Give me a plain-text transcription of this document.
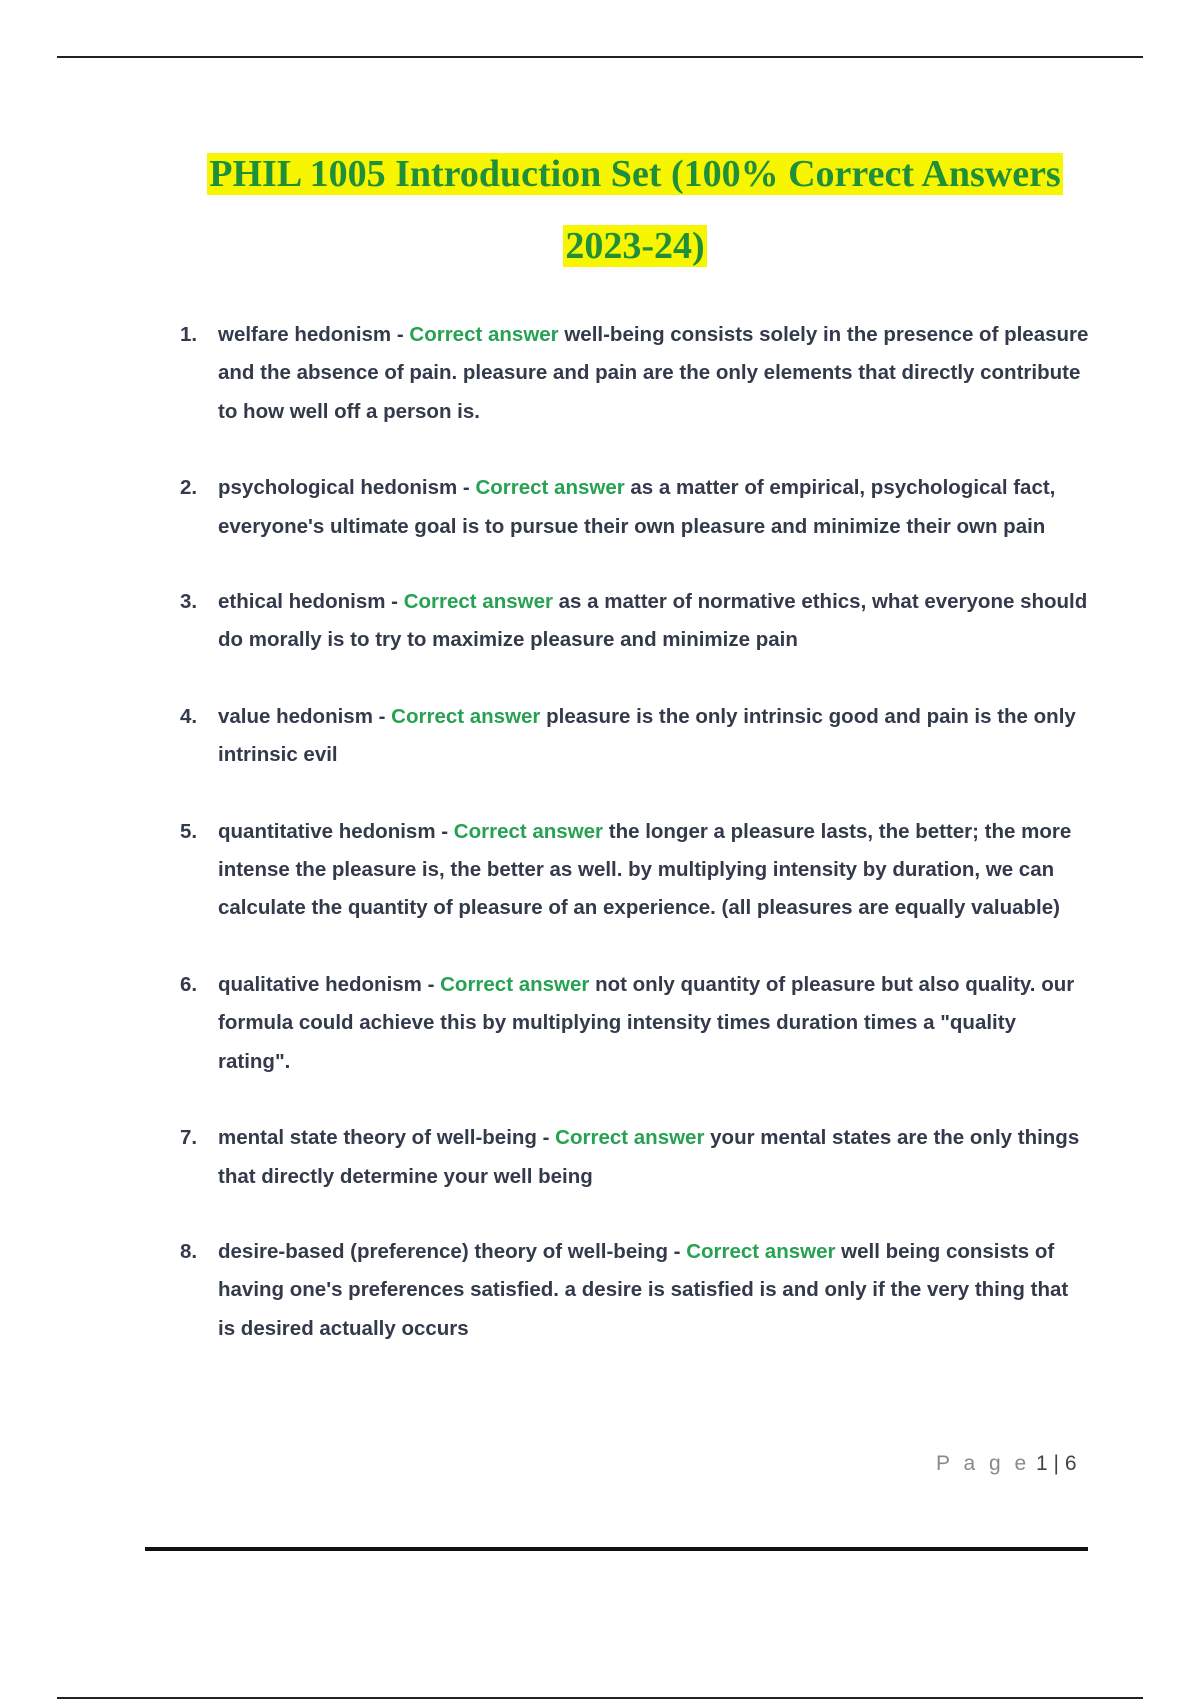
PHIL 1005 Introduction Set (100% Correct Answers
2023-24)
1. welfare hedonism - Correct answer well-being consists solely in the presence of pleasure and the absence of pain. pleasure and pain are the only elements that directly contribute to how well off a person is.
2. psychological hedonism - Correct answer as a matter of empirical, psychological fact, everyone's ultimate goal is to pursue their own pleasure and minimize their own pain
3. ethical hedonism - Correct answer as a matter of normative ethics, what everyone should do morally is to try to maximize pleasure and minimize pain
4. value hedonism - Correct answer pleasure is the only intrinsic good and pain is the only intrinsic evil
5. quantitative hedonism - Correct answer the longer a pleasure lasts, the better; the more intense the pleasure is, the better as well. by multiplying intensity by duration, we can calculate the quantity of pleasure of an experience. (all pleasures are equally valuable)
6. qualitative hedonism - Correct answer not only quantity of pleasure but also quality. our formula could achieve this by multiplying intensity times duration times a "quality rating".
7. mental state theory of well-being - Correct answer your mental states are the only things that directly determine your well being
8. desire-based (preference) theory of well-being - Correct answer well being consists of having one's preferences satisfied. a desire is satisfied is and only if the very thing that is desired actually occurs
P a g e 1 | 6
